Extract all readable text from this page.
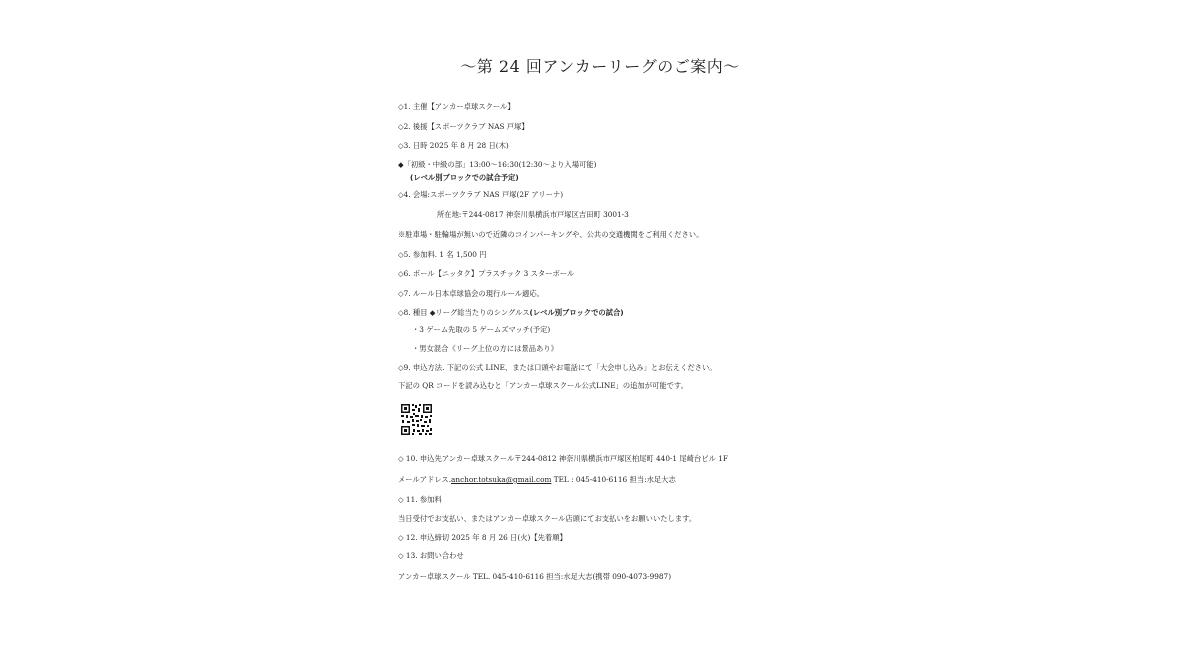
〜第 24 回アンカーリーグのご案内〜
◇1. 主催【アンカー卓球スクール】
◇2. 後援【スポーツクラブ NAS 戸塚】
◇3. 日時 2025 年 8 月 28 日(木)
◆「初級・中級の部」13:00〜16:30(12:30〜より入場可能)
(レベル別ブロックでの試合予定)
◇4. 会場:スポーツクラブ NAS 戸塚(2F アリーナ)
所在地:〒244-0817 神奈川県横浜市戸塚区吉田町 3001-3
※駐車場・駐輪場が無いので近隣のコインパーキングや、公共の交通機関をご利用ください。
◇5. 参加料. 1 名 1,500 円
◇6. ボール【ニッタク】プラスチック 3 スターボール
◇7. ルール日本卓球協会の現行ルール適応。
◇8. 種目 ◆リーグ総当たりのシングルス(レベル別ブロックでの試合)
・3 ゲーム先取の 5 ゲームズマッチ(予定)
・男女混合《リーグ上位の方には景品あり》
◇9. 申込方法. 下記の公式 LINE、または口頭やお電話にて「大会申し込み」とお伝えください。
下記の QR コードを読み込むと「アンカー卓球スクール公式LINE」の追加が可能です。
◇ 10. 申込先アンカー卓球スクール〒244-0812 神奈川県横浜市戸塚区柏尾町 440-1 尾崎台ビル 1F
メールアドレス.anchor.totsuka@gmail.com TEL : 045-410-6116 担当:水足大志
◇ 11. 参加料
当日受付でお支払い、またはアンカー卓球スクール店頭にてお支払いをお願いいたします。
◇ 12. 申込締切 2025 年 8 月 26 日(火)【先着順】
◇ 13. お問い合わせ
アンカー卓球スクール TEL. 045-410-6116 担当:水足大志(携帯 090-4073-9987)
